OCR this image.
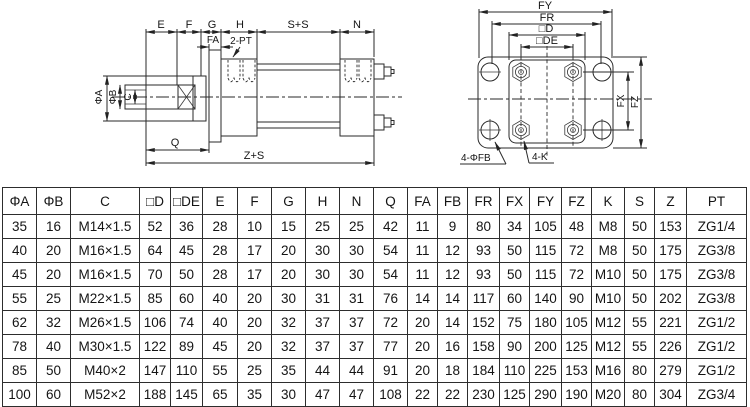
E F G H	S+S	N
FA 2-PT
ΦA ΦB C
Q
Z+S
FY
FR
□D
□DE
FX FZ
4-ΦFB	4-K
ΦA	ΦB	C	□D	□DE	E	F	G	H	N	Q	FA	FB	FR	FX	FY	FZ	K	S	Z	PT
35	16	M14×1.5	52	36	28	10	15	25	25	42	11	9	80	34	105	48	M8	50	153	ZG1/4
40	20	M16×1.5	64	45	28	17	20	30	30	54	11	12	93	50	115	72	M8	50	175	ZG3/8
45	20	M16×1.5	70	50	28	17	20	30	30	54	11	12	93	50	115	72	M10	50	175	ZG3/8
55	25	M22×1.5	85	60	40	20	30	31	31	76	14	14	117	60	140	90	M10	50	202	ZG3/8
62	32	M26×1.5	106	74	40	20	32	37	37	72	20	14	152	75	180	105	M12	55	221	ZG1/2
78	40	M30×1.5	122	89	45	20	32	37	37	77	20	16	158	90	200	125	M12	55	226	ZG1/2
85	50	M40×2	147	110	55	25	35	44	44	91	20	18	184	110	225	153	M16	80	279	ZG1/2
100	60	M52×2	188	145	65	35	30	47	47	108	22	22	230	125	290	190	M20	80	304	ZG3/4
